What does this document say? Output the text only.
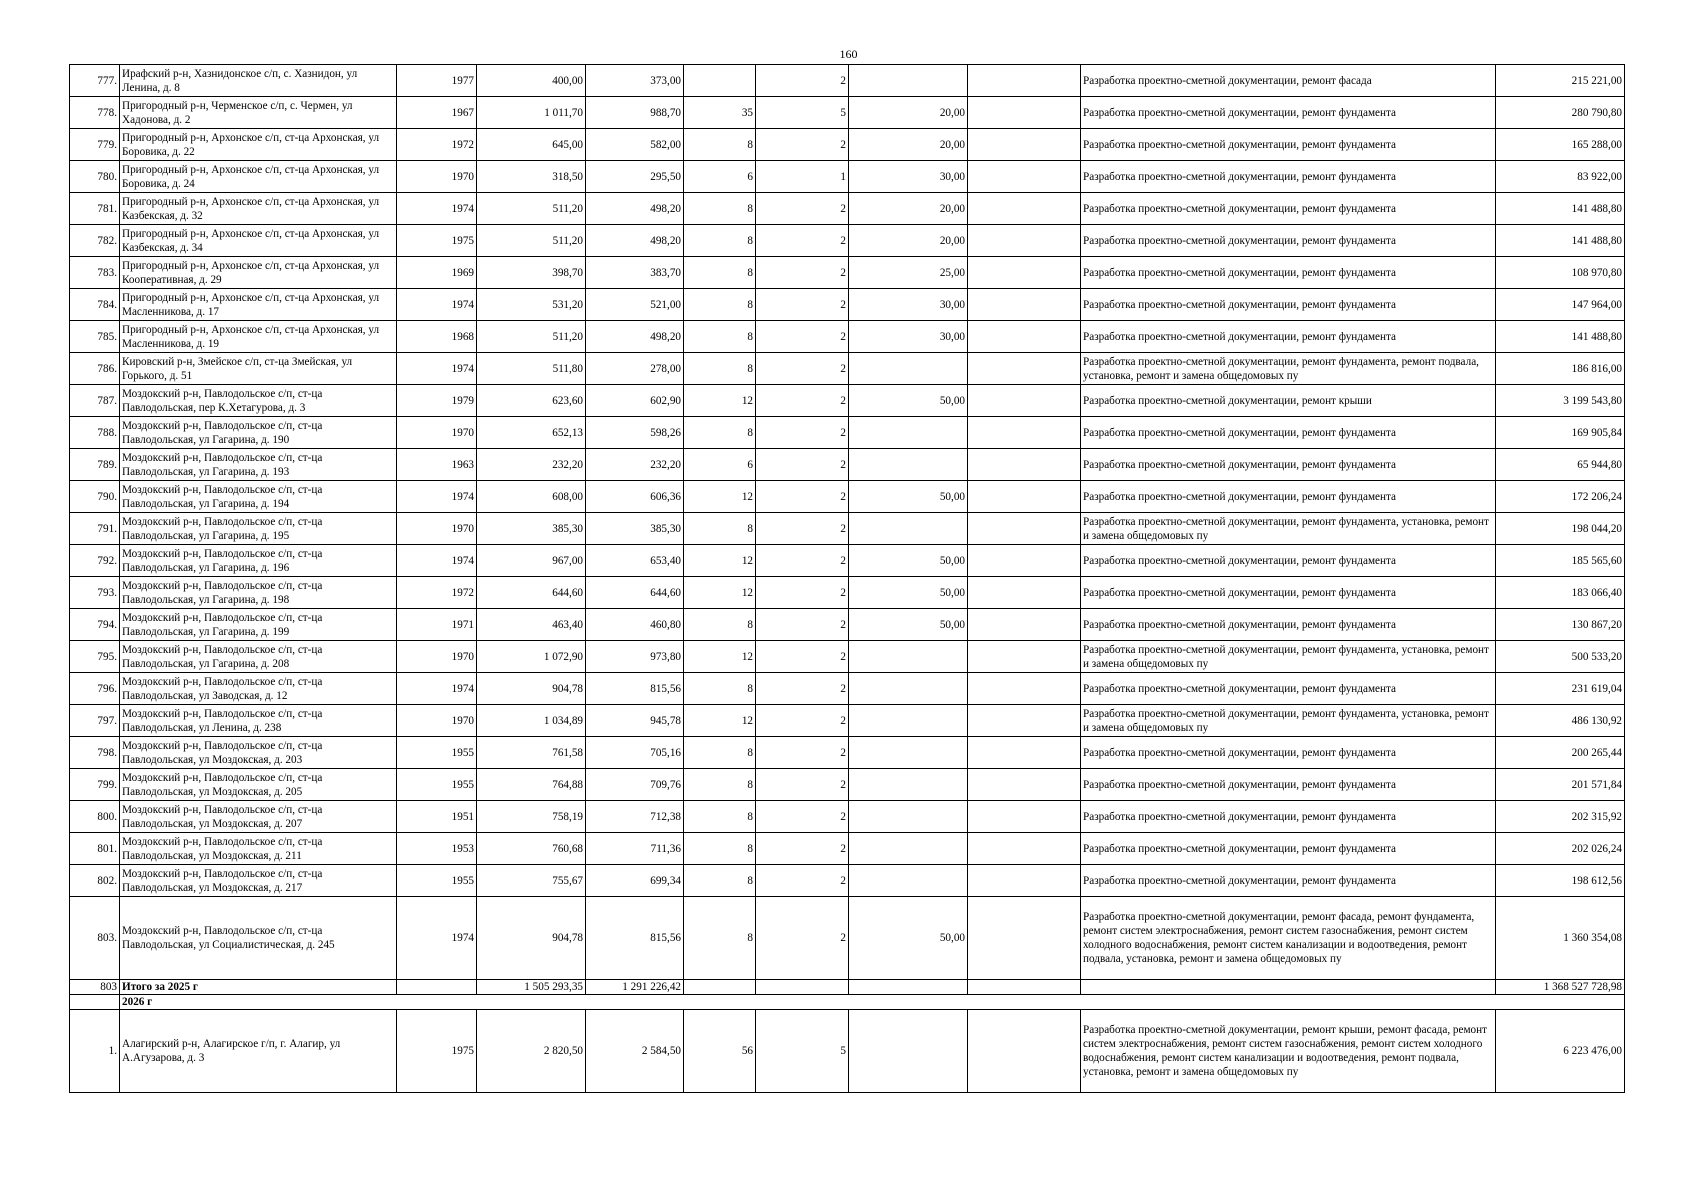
160
777.	Ирафский р-н, Хазнидонское с/п, с. Хазнидон, ул Ленина, д. 8	1977	400,00	373,00		2			Разработка проектно-сметной документации, ремонт фасада	215 221,00
778.	Пригородный р-н, Черменское с/п, с. Чермен, ул Хадонова, д. 2	1967	1 011,70	988,70	35	5	20,00		Разработка проектно-сметной документации, ремонт фундамента	280 790,80
779.	Пригородный р-н, Архонское с/п, ст-ца Архонская, ул Боровика, д. 22	1972	645,00	582,00	8	2	20,00		Разработка проектно-сметной документации, ремонт фундамента	165 288,00
780.	Пригородный р-н, Архонское с/п, ст-ца Архонская, ул Боровика, д. 24	1970	318,50	295,50	6	1	30,00		Разработка проектно-сметной документации, ремонт фундамента	83 922,00
781.	Пригородный р-н, Архонское с/п, ст-ца Архонская, ул Казбекская, д. 32	1974	511,20	498,20	8	2	20,00		Разработка проектно-сметной документации, ремонт фундамента	141 488,80
782.	Пригородный р-н, Архонское с/п, ст-ца Архонская, ул Казбекская, д. 34	1975	511,20	498,20	8	2	20,00		Разработка проектно-сметной документации, ремонт фундамента	141 488,80
783.	Пригородный р-н, Архонское с/п, ст-ца Архонская, ул Кооперативная, д. 29	1969	398,70	383,70	8	2	25,00		Разработка проектно-сметной документации, ремонт фундамента	108 970,80
784.	Пригородный р-н, Архонское с/п, ст-ца Архонская, ул Масленникова, д. 17	1974	531,20	521,00	8	2	30,00		Разработка проектно-сметной документации, ремонт фундамента	147 964,00
785.	Пригородный р-н, Архонское с/п, ст-ца Архонская, ул Масленникова, д. 19	1968	511,20	498,20	8	2	30,00		Разработка проектно-сметной документации, ремонт фундамента	141 488,80
786.	Кировский р-н, Змейское с/п, ст-ца Змейская, ул Горького, д. 51	1974	511,80	278,00	8	2			Разработка проектно-сметной документации, ремонт фундамента, ремонт подвала, установка, ремонт и замена общедомовых пу	186 816,00
787.	Моздокский р-н, Павлодольское с/п, ст-ца Павлодольская, пер К.Хетагурова, д. 3	1979	623,60	602,90	12	2	50,00		Разработка проектно-сметной документации, ремонт крыши	3 199 543,80
788.	Моздокский р-н, Павлодольское с/п, ст-ца Павлодольская, ул Гагарина, д. 190	1970	652,13	598,26	8	2			Разработка проектно-сметной документации, ремонт фундамента	169 905,84
789.	Моздокский р-н, Павлодольское с/п, ст-ца Павлодольская, ул Гагарина, д. 193	1963	232,20	232,20	6	2			Разработка проектно-сметной документации, ремонт фундамента	65 944,80
790.	Моздокский р-н, Павлодольское с/п, ст-ца Павлодольская, ул Гагарина, д. 194	1974	608,00	606,36	12	2	50,00		Разработка проектно-сметной документации, ремонт фундамента	172 206,24
791.	Моздокский р-н, Павлодольское с/п, ст-ца Павлодольская, ул Гагарина, д. 195	1970	385,30	385,30	8	2			Разработка проектно-сметной документации, ремонт фундамента, установка, ремонт и замена общедомовых пу	198 044,20
792.	Моздокский р-н, Павлодольское с/п, ст-ца Павлодольская, ул Гагарина, д. 196	1974	967,00	653,40	12	2	50,00		Разработка проектно-сметной документации, ремонт фундамента	185 565,60
793.	Моздокский р-н, Павлодольское с/п, ст-ца Павлодольская, ул Гагарина, д. 198	1972	644,60	644,60	12	2	50,00		Разработка проектно-сметной документации, ремонт фундамента	183 066,40
794.	Моздокский р-н, Павлодольское с/п, ст-ца Павлодольская, ул Гагарина, д. 199	1971	463,40	460,80	8	2	50,00		Разработка проектно-сметной документации, ремонт фундамента	130 867,20
795.	Моздокский р-н, Павлодольское с/п, ст-ца Павлодольская, ул Гагарина, д. 208	1970	1 072,90	973,80	12	2			Разработка проектно-сметной документации, ремонт фундамента, установка, ремонт и замена общедомовых пу	500 533,20
796.	Моздокский р-н, Павлодольское с/п, ст-ца Павлодольская, ул Заводская, д. 12	1974	904,78	815,56	8	2			Разработка проектно-сметной документации, ремонт фундамента	231 619,04
797.	Моздокский р-н, Павлодольское с/п, ст-ца Павлодольская, ул Ленина, д. 238	1970	1 034,89	945,78	12	2			Разработка проектно-сметной документации, ремонт фундамента, установка, ремонт и замена общедомовых пу	486 130,92
798.	Моздокский р-н, Павлодольское с/п, ст-ца Павлодольская, ул Моздокская, д. 203	1955	761,58	705,16	8	2			Разработка проектно-сметной документации, ремонт фундамента	200 265,44
799.	Моздокский р-н, Павлодольское с/п, ст-ца Павлодольская, ул Моздокская, д. 205	1955	764,88	709,76	8	2			Разработка проектно-сметной документации, ремонт фундамента	201 571,84
800.	Моздокский р-н, Павлодольское с/п, ст-ца Павлодольская, ул Моздокская, д. 207	1951	758,19	712,38	8	2			Разработка проектно-сметной документации, ремонт фундамента	202 315,92
801.	Моздокский р-н, Павлодольское с/п, ст-ца Павлодольская, ул Моздокская, д. 211	1953	760,68	711,36	8	2			Разработка проектно-сметной документации, ремонт фундамента	202 026,24
802.	Моздокский р-н, Павлодольское с/п, ст-ца Павлодольская, ул Моздокская, д. 217	1955	755,67	699,34	8	2			Разработка проектно-сметной документации, ремонт фундамента	198 612,56
803.	Моздокский р-н, Павлодольское с/п, ст-ца Павлодольская, ул Социалистическая, д. 245	1974	904,78	815,56	8	2	50,00		Разработка проектно-сметной документации, ремонт фасада, ремонт фундамента, ремонт систем электроснабжения, ремонт систем газоснабжения, ремонт систем холодного водоснабжения, ремонт систем канализации и водоотведения, ремонт подвала, установка, ремонт и замена общедомовых пу	1 360 354,08
803	Итого за 2025 г		1 505 293,35	1 291 226,42						1 368 527 728,98
	2026 г									
1.	Алагирский р-н, Алагирское г/п, г. Алагир, ул А.Агузарова, д. 3	1975	2 820,50	2 584,50	56	5			Разработка проектно-сметной документации, ремонт крыши, ремонт фасада, ремонт систем электроснабжения, ремонт систем газоснабжения, ремонт систем холодного водоснабжения, ремонт систем канализации и водоотведения, ремонт подвала, установка, ремонт и замена общедомовых пу	6 223 476,00
